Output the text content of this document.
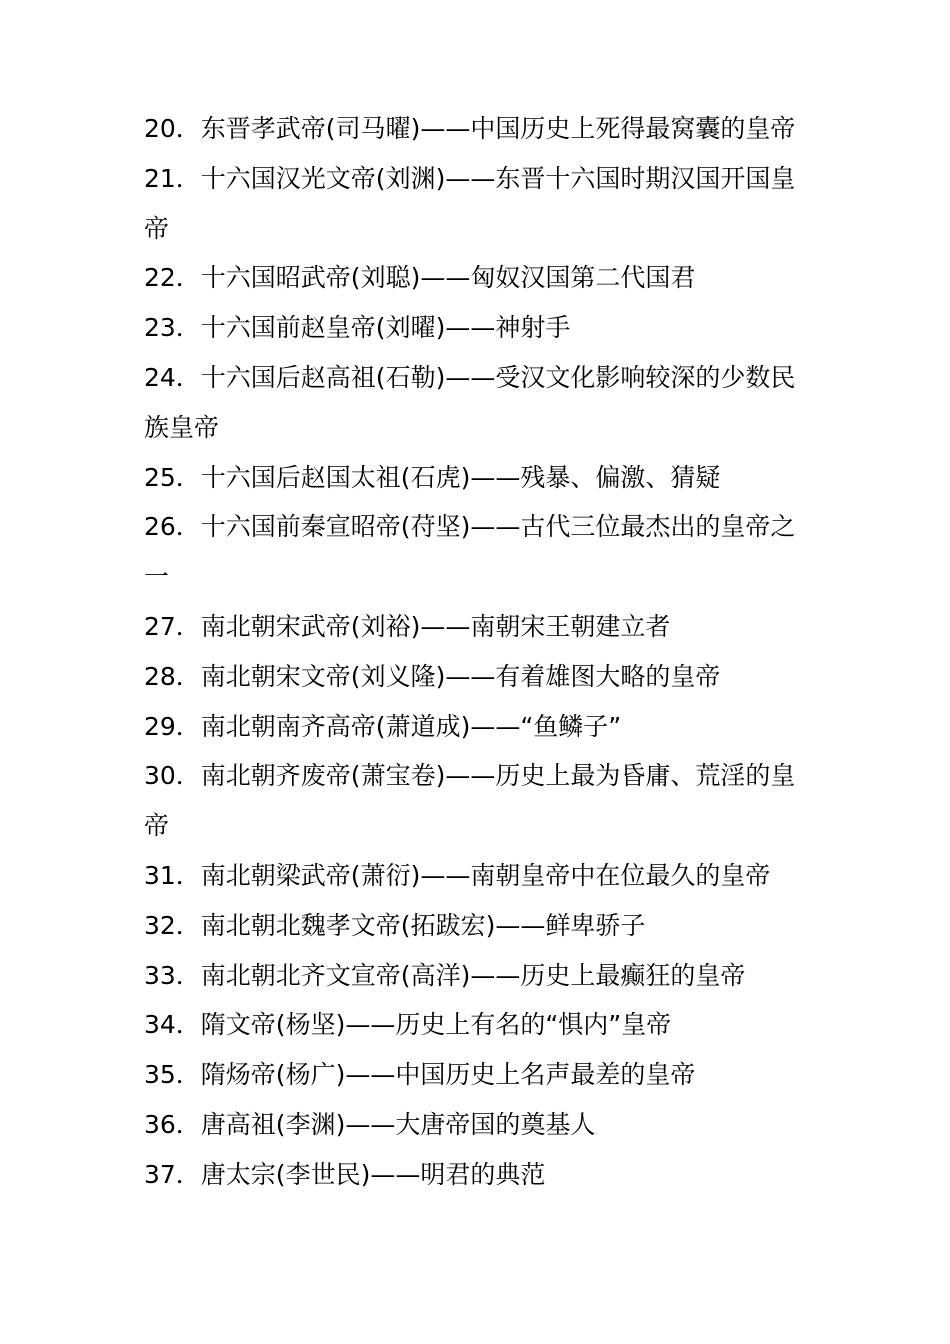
20．东晋孝武帝(司马曜)——中国历史上死得最窝囊的皇帝
21．十六国汉光文帝(刘渊)——东晋十六国时期汉国开国皇
帝
22．十六国昭武帝(刘聪)——匈奴汉国第二代国君
23．十六国前赵皇帝(刘曜)——神射手
24．十六国后赵高祖(石勒)——受汉文化影响较深的少数民
族皇帝
25．十六国后赵国太祖(石虎)——残暴、偏激、猜疑
26．十六国前秦宣昭帝(苻坚)——古代三位最杰出的皇帝之
一
27．南北朝宋武帝(刘裕)——南朝宋王朝建立者
28．南北朝宋文帝(刘义隆)——有着雄图大略的皇帝
29．南北朝南齐高帝(萧道成)——“鱼鳞子”
30．南北朝齐废帝(萧宝卷)——历史上最为昏庸、荒淫的皇
帝
31．南北朝梁武帝(萧衍)——南朝皇帝中在位最久的皇帝
32．南北朝北魏孝文帝(拓跋宏)——鲜卑骄子
33．南北朝北齐文宣帝(高洋)——历史上最癫狂的皇帝
34．隋文帝(杨坚)——历史上有名的“惧内”皇帝
35．隋炀帝(杨广)——中国历史上名声最差的皇帝
36．唐高祖(李渊)——大唐帝国的奠基人
37．唐太宗(李世民)——明君的典范
